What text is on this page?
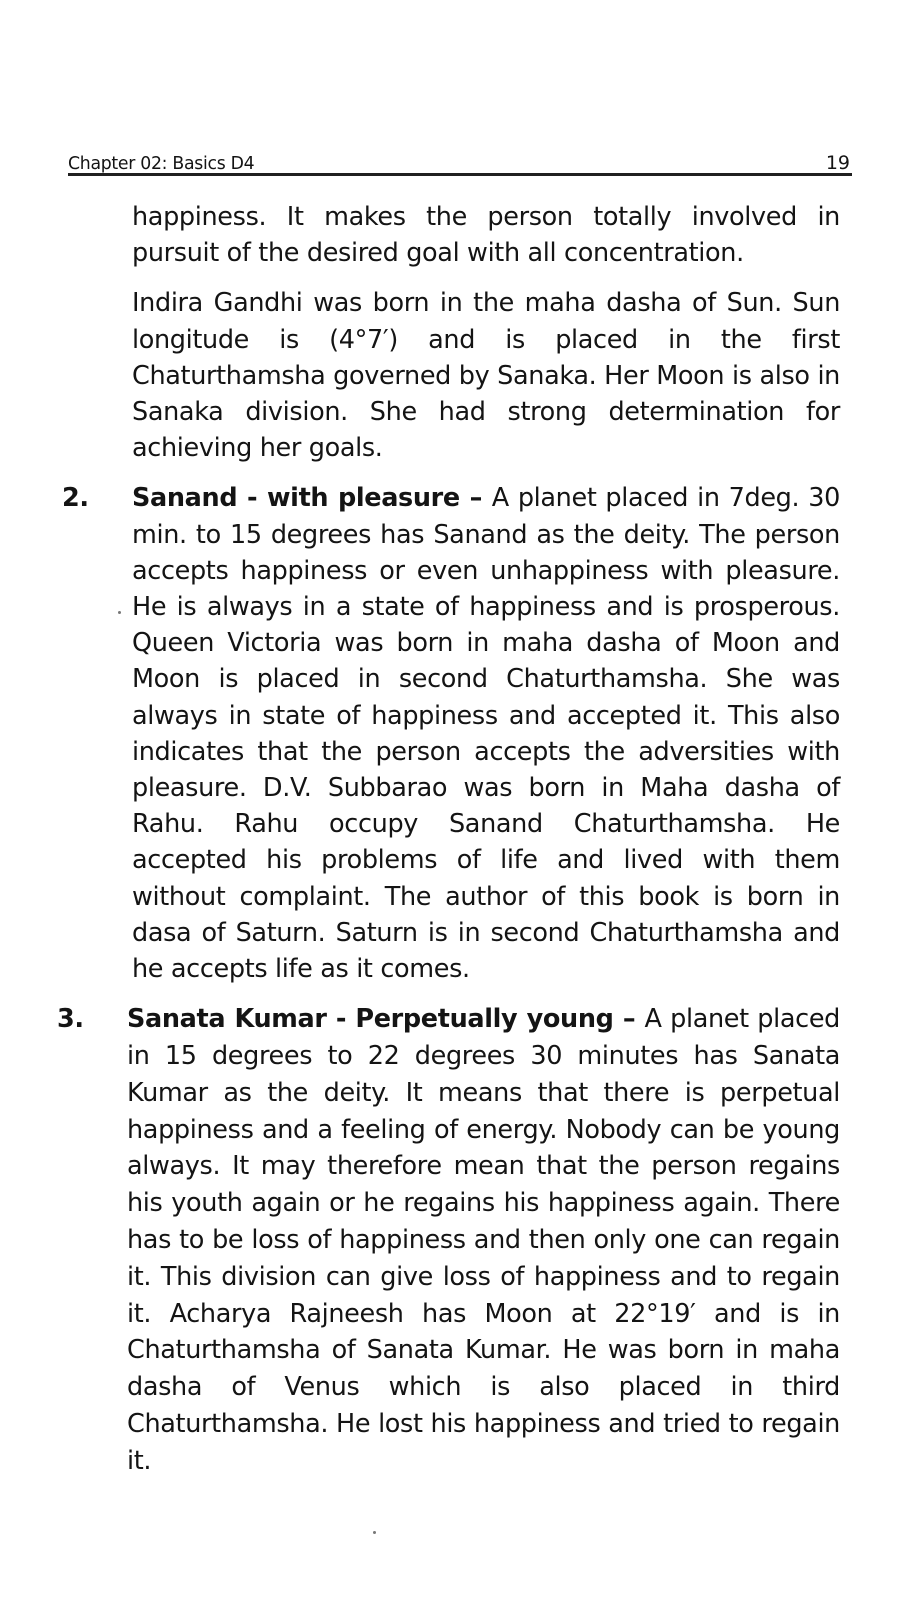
Chapter 02: Basics D4	19

happiness. It makes the person totally involved in pursuit of the desired goal with all concentration.

Indira Gandhi was born in the maha dasha of Sun. Sun longitude is (4°7′) and is placed in the first Chaturthamsha governed by Sanaka. Her Moon is also in Sanaka division. She had strong determination for achieving her goals.

2. Sanand - with pleasure – A planet placed in 7deg. 30 min. to 15 degrees has Sanand as the deity. The person accepts happiness or even unhappiness with pleasure. He is always in a state of happiness and is prosperous. Queen Victoria was born in maha dasha of Moon and Moon is placed in second Chaturthamsha. She was always in state of happiness and accepted it. This also indicates that the person accepts the adversities with pleasure. D.V. Subbarao was born in Maha dasha of Rahu. Rahu occupy Sanand Chaturthamsha. He accepted his problems of life and lived with them without complaint. The author of this book is born in dasa of Saturn. Saturn is in second Chaturthamsha and he accepts life as it comes.
3. Sanata Kumar - Perpetually young – A planet placed in 15 degrees to 22 degrees 30 minutes has Sanata Kumar as the deity. It means that there is perpetual happiness and a feeling of energy. Nobody can be young always. It may therefore mean that the person regains his youth again or he regains his happiness again. There has to be loss of happiness and then only one can regain it. This division can give loss of happiness and to regain it. Acharya Rajneesh has Moon at 22°19′ and is in Chaturthamsha of Sanata Kumar. He was born in maha dasha of Venus which is also placed in third Chaturthamsha. He lost his happiness and tried to regain it.
